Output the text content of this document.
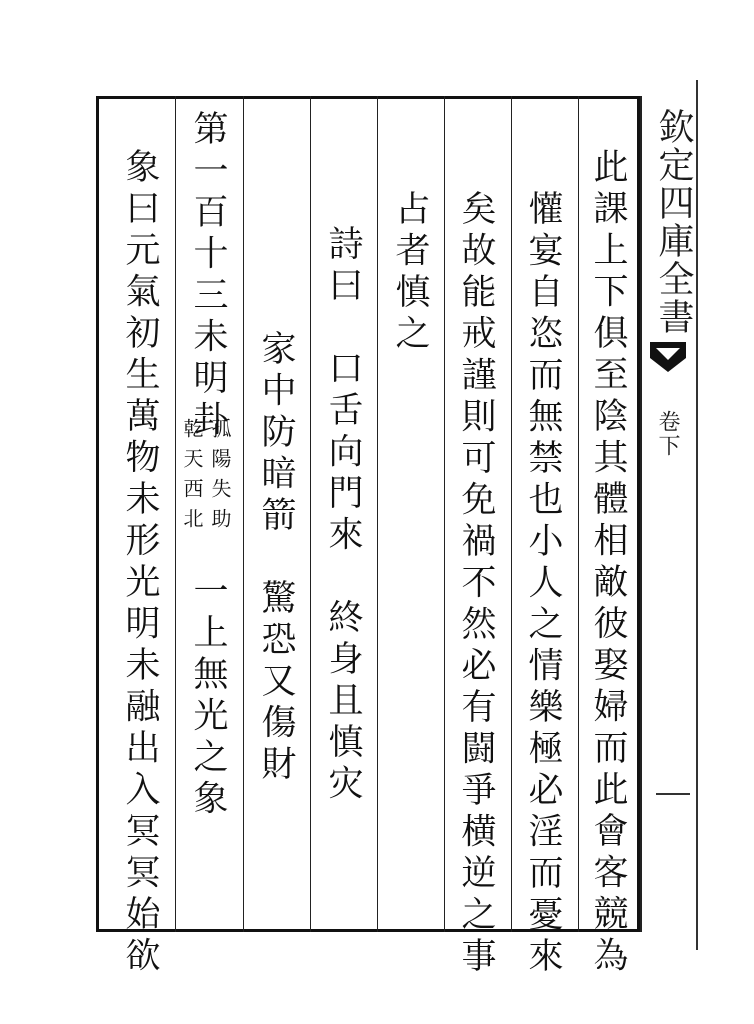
欽定四庫全書
卷下
此課上下俱至陰其體相敵彼娶婦而此會客競為
懽宴自恣而無禁也小人之情樂極必淫而憂來
矣故能戒謹則可免禍不然必有闘爭横逆之事
占者慎之
詩曰　口舌向門來　終身且慎灾
家中防暗箭　驚恐又傷財
第一百十三未明卦
孤陽失助
乾天西北
一上無光之象
象曰元氣初生萬物未形光明未融出入冥冥始欲
